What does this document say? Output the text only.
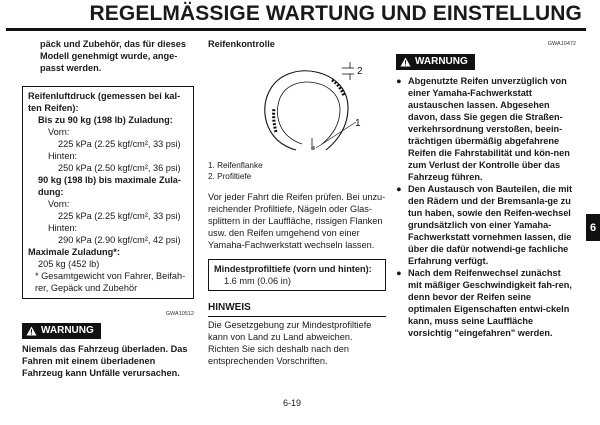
REGELMÄSSIGE WARTUNG UND EINSTELLUNG

päck und Zubehör, das für dieses Modell genehmigt wurde, ange-passt werden.

Reifenluftdruck (gemessen bei kal-ten Reifen):

Bis zu 90 kg (198 lb) Zuladung:

Vorn:

225 kPa (2.25 kgf/cm², 33 psi)

Hinten:

250 kPa (2.50 kgf/cm², 36 psi)

90 kg (198 lb) bis maximale Zula-dung:

Vorn:

225 kPa (2.25 kgf/cm², 33 psi)

Hinten:

290 kPa (2.90 kgf/cm², 42 psi)

Maximale Zuladung*:

205 kg (452 lb)

* Gesamtgewicht von Fahrer, Beifah-rer, Gepäck und Zubehör

GWA10512
WARNUNG
Niemals das Fahrzeug überladen. Das Fahren mit einem überladenen Fahrzeug kann Unfälle verursachen.
Reifenkontrolle
2
1
1. Reifenflanke
2. Profiltiefe
Vor jeder Fahrt die Reifen prüfen. Bei unzu-reichender Profiltiefe, Nägeln oder Glas-splittern in der Lauffläche, rissigen Flanken usw. den Reifen umgehend von einer Yamaha-Fachwerkstatt wechseln lassen.
Mindestprofiltiefe (vorn und hinten):
1.6 mm (0.06 in)
HINWEIS
Die Gesetzgebung zur Mindestprofiltiefe kann von Land zu Land abweichen. Richten Sie sich deshalb nach den entsprechenden Vorschriften.
GWA10472
WARNUNG
● Abgenutzte Reifen unverzüglich von einer Yamaha-Fachwerkstatt austauschen lassen. Abgesehen davon, dass Sie gegen die Straßen-verkehrsordnung verstoßen, beein-trächtigen übermäßig abgefahrene Reifen die Fahrstabilität und kön-nen zum Verlust der Kontrolle über das Fahrzeug führen.
● Den Austausch von Bauteilen, die mit den Rädern und der Bremsanla-ge zu tun haben, sowie den Reifen-wechsel grundsätzlich von einer Yamaha-Fachwerkstatt vornehmen lassen, die über die dafür notwendi-ge fachliche Erfahrung verfügt.
● Nach dem Reifenwechsel zunächst mit mäßiger Geschwindigkeit fah-ren, denn bevor der Reifen seine optimalen Eigenschaften entwi-ckeln kann, muss seine Lauffläche vorsichtig "eingefahren" werden.
6
6-19
